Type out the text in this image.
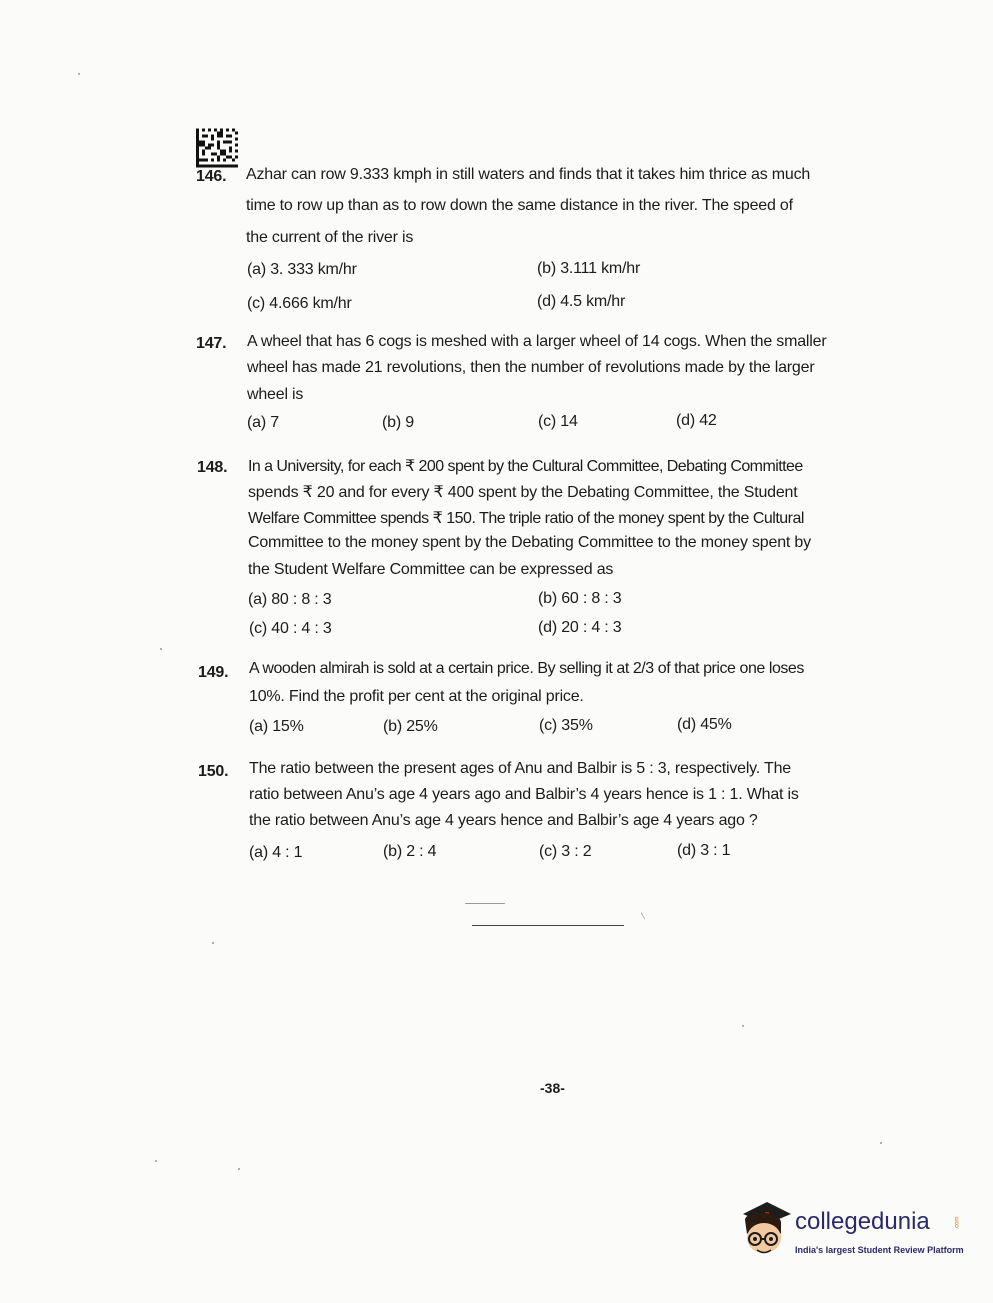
146. Azhar can row 9.333 kmph in still waters and finds that it takes him thrice as much
time to row up than as to row down the same distance in the river. The speed of
the current of the river is
(a) 3. 333 km/hr	(b) 3.111 km/hr
(c) 4.666 km/hr	(d) 4.5 km/hr
147. A wheel that has 6 cogs is meshed with a larger wheel of 14 cogs. When the smaller
wheel has made 21 revolutions, then the number of revolutions made by the larger
wheel is
(a) 7	(b) 9	(c) 14	(d) 42
148. In a University, for each ₹ 200 spent by the Cultural Committee, Debating Committee
spends ₹ 20 and for every ₹ 400 spent by the Debating Committee, the Student
Welfare Committee spends ₹ 150. The triple ratio of the money spent by the Cultural
Committee to the money spent by the Debating Committee to the money spent by
the Student Welfare Committee can be expressed as
(a) 80 : 8 : 3	(b) 60 : 8 : 3
(c) 40 : 4 : 3	(d) 20 : 4 : 3
149. A wooden almirah is sold at a certain price. By selling it at 2/3 of that price one loses
10%. Find the profit per cent at the original price.
(a) 15%	(b) 25%	(c) 35%	(d) 45%
150. The ratio between the present ages of Anu and Balbir is 5 : 3, respectively. The
ratio between Anu’s age 4 years ago and Balbir’s 4 years hence is 1 : 1. What is
the ratio between Anu’s age 4 years hence and Balbir’s age 4 years ago ?
(a) 4 : 1	(b) 2 : 4	(c) 3 : 2	(d) 3 : 1
-38-
collegedunia	.com
India's largest Student Review Platform
